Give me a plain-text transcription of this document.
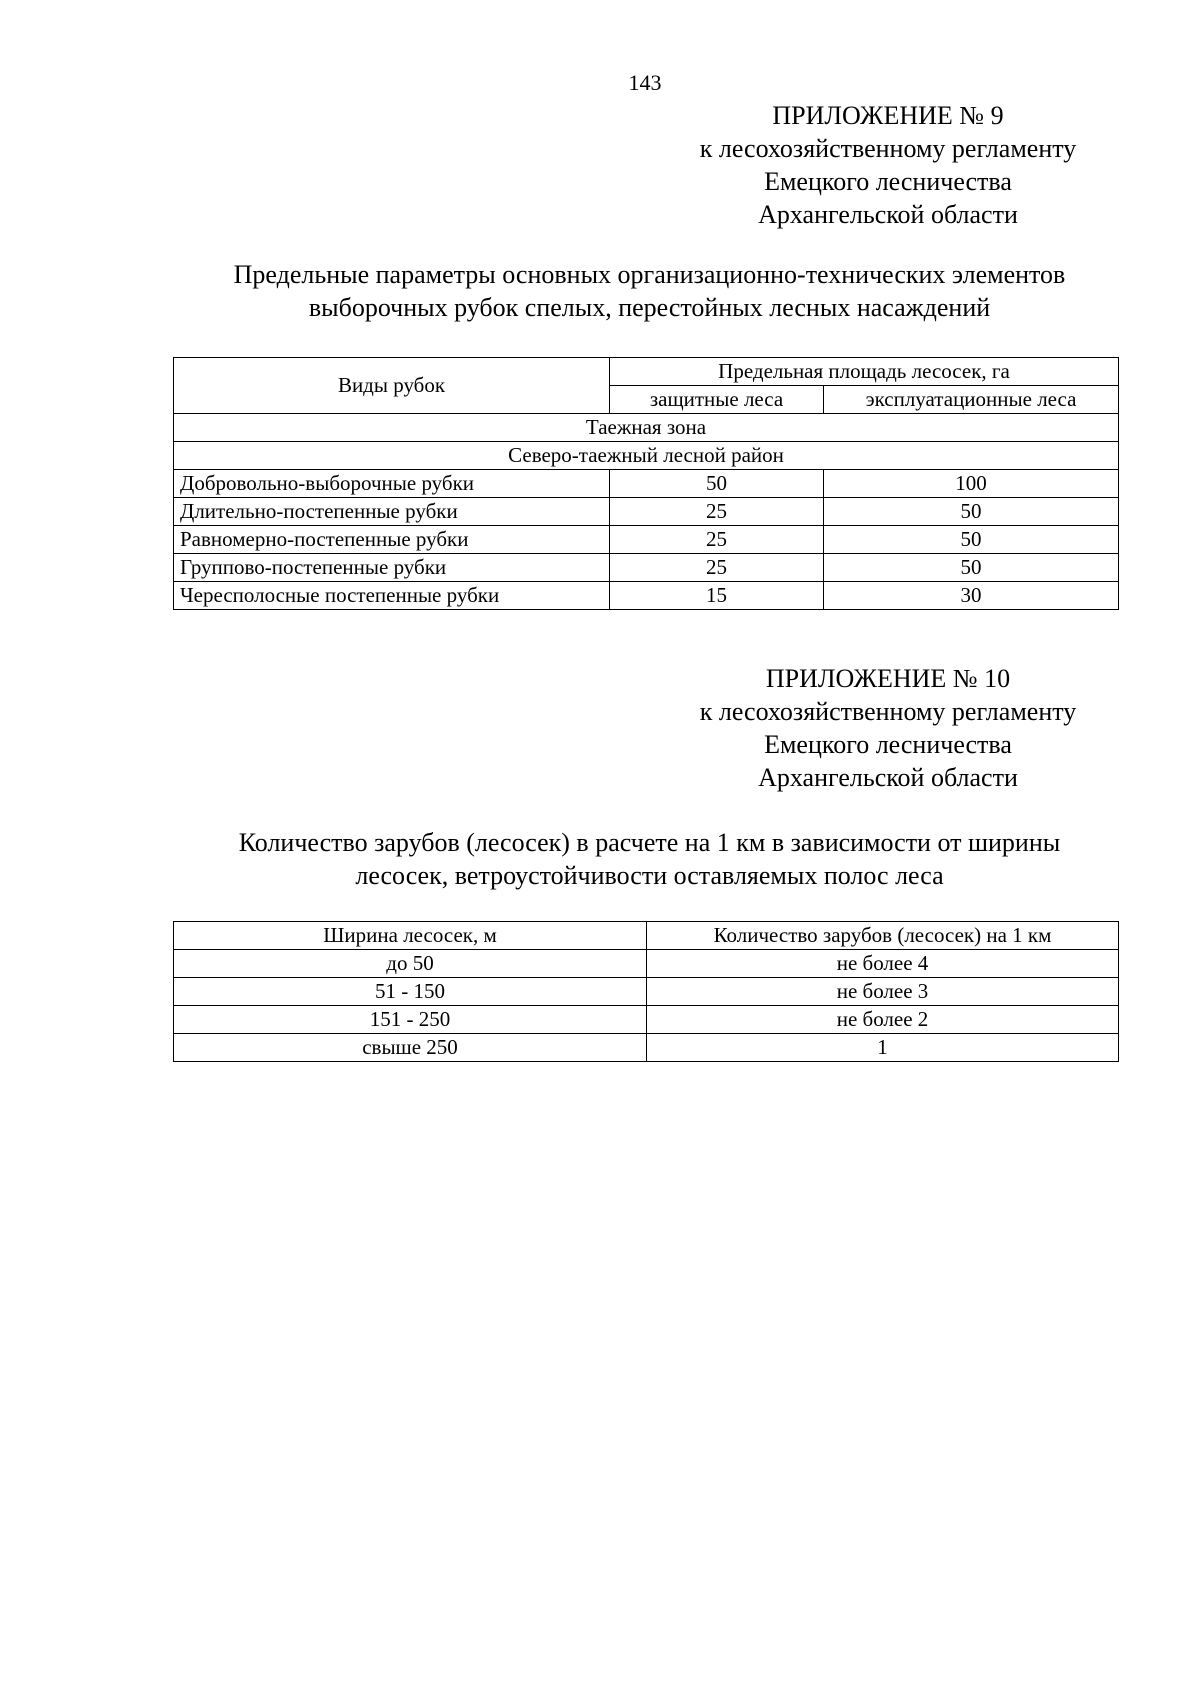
143
ПРИЛОЖЕНИЕ № 9
к лесохозяйственному регламенту
Емецкого лесничества
Архангельской области
Предельные параметры основных организационно-технических элементов
выборочных рубок спелых, перестойных лесных насаждений
Виды рубок	Предельная площадь лесосек, га	
	защитные леса	эксплуатационные леса
Таежная зона		
Северо-таежный лесной район		
Добровольно-выборочные рубки	50	100
Длительно-постепенные рубки	25	50
Равномерно-постепенные рубки	25	50
Группово-постепенные рубки	25	50
Чересполосные постепенные рубки	15	30
ПРИЛОЖЕНИЕ № 10
к лесохозяйственному регламенту
Емецкого лесничества
Архангельской области
Количество зарубов (лесосек) в расчете на 1 км в зависимости от ширины
лесосек, ветроустойчивости оставляемых полос леса
Ширина лесосек, м	Количество зарубов (лесосек) на 1 км
до 50	не более 4
51 - 150	не более 3
151 - 250	не более 2
свыше 250	1
